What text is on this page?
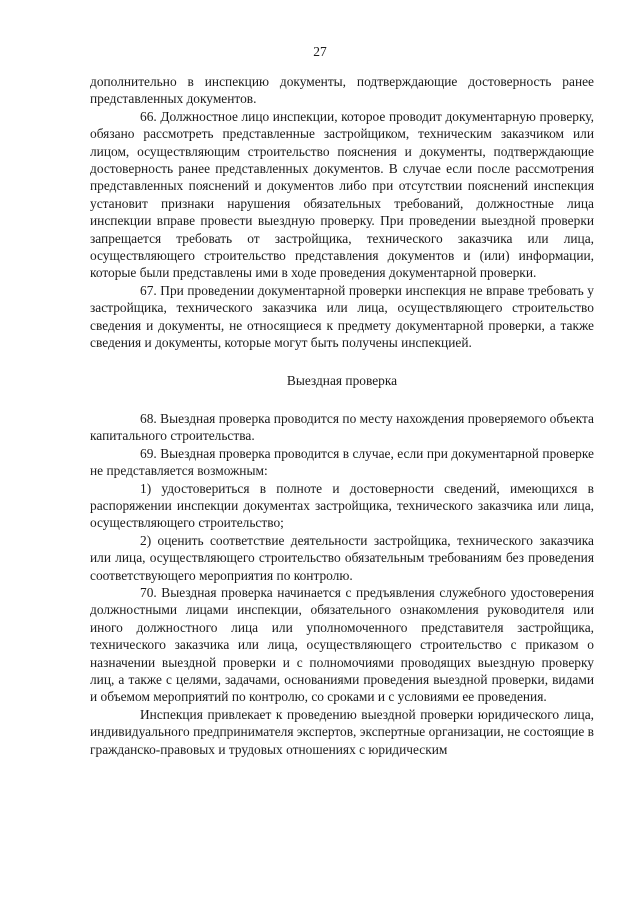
27

дополнительно в инспекцию документы, подтверждающие достоверность ранее представленных документов.

66. Должностное лицо инспекции, которое проводит документарную проверку, обязано рассмотреть представленные застройщиком, техническим заказчиком или лицом, осуществляющим строительство пояснения и документы, подтверждающие достоверность ранее представленных документов. В случае если после рассмотрения представленных пояснений и документов либо при отсутствии пояснений инспекция установит признаки нарушения обязательных требований, должностные лица инспекции вправе провести выездную проверку. При проведении выездной проверки запрещается требовать от застройщика, технического заказчика или лица, осуществляющего строительство представления документов и (или) информации, которые были представлены ими в ходе проведения документарной проверки.

67. При проведении документарной проверки инспекция не вправе требовать у застройщика, технического заказчика или лица, осуществляющего строительство сведения и документы, не относящиеся к предмету документарной проверки, а также сведения и документы, которые могут быть получены инспекцией.

Выездная проверка

68. Выездная проверка проводится по месту нахождения проверяемого объекта капитального строительства.

69. Выездная проверка проводится в случае, если при документарной проверке не представляется возможным:

1) удостовериться в полноте и достоверности сведений, имеющихся в распоряжении инспекции документах застройщика, технического заказчика или лица, осуществляющего строительство;

2) оценить соответствие деятельности застройщика, технического заказчика или лица, осуществляющего строительство обязательным требованиям без проведения соответствующего мероприятия по контролю.

70. Выездная проверка начинается с предъявления служебного удостоверения должностными лицами инспекции, обязательного ознакомления руководителя или иного должностного лица или уполномоченного представителя застройщика, технического заказчика или лица, осуществляющего строительство с приказом о назначении выездной проверки и с полномочиями проводящих выездную проверку лиц, а также с целями, задачами, основаниями проведения выездной проверки, видами и объемом мероприятий по контролю, со сроками и с условиями ее проведения.

Инспекция привлекает к проведению выездной проверки юридического лица, индивидуального предпринимателя экспертов, экспертные организации, не состоящие в гражданско-правовых и трудовых отношениях с юридическим
